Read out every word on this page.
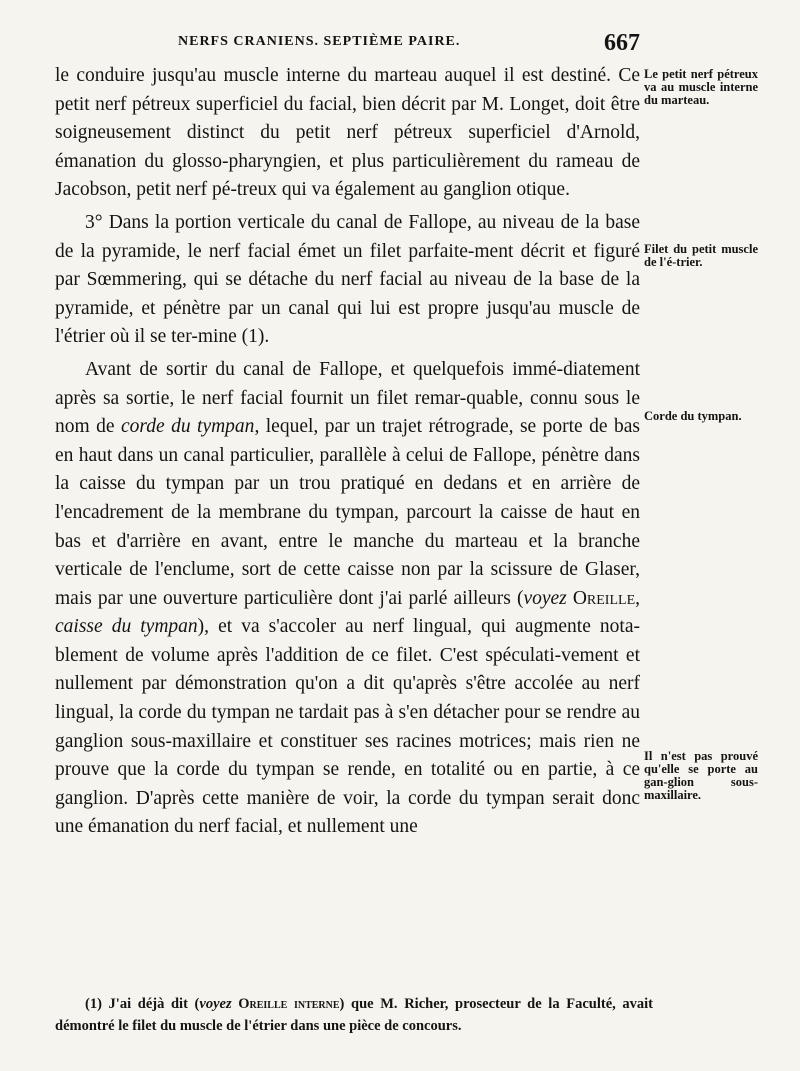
NERFS CRANIENS. SEPTIÈME PAIRE.	667

le conduire jusqu'au muscle interne du marteau auquel il est destiné. Ce petit nerf pétreux superficiel du facial, bien décrit par M. Longet, doit être soigneusement distinct du petit nerf pétreux superficiel d'Arnold, émanation du glosso-pharyngien, et plus particulièrement du rameau de Jacobson, petit nerf pé-treux qui va également au ganglion otique.

3° Dans la portion verticale du canal de Fallope, au niveau de la base de la pyramide, le nerf facial émet un filet parfaite-ment décrit et figuré par Sœmmering, qui se détache du nerf facial au niveau de la base de la pyramide, et pénètre par un canal qui lui est propre jusqu'au muscle de l'étrier où il se ter-mine (1).

Avant de sortir du canal de Fallope, et quelquefois immé-diatement après sa sortie, le nerf facial fournit un filet remar-quable, connu sous le nom de corde du tympan, lequel, par un trajet rétrograde, se porte de bas en haut dans un canal particulier, parallèle à celui de Fallope, pénètre dans la caisse du tympan par un trou pratiqué en dedans et en arrière de l'encadrement de la membrane du tympan, parcourt la caisse de haut en bas et d'arrière en avant, entre le manche du marteau et la branche verticale de l'enclume, sort de cette caisse non par la scissure de Glaser, mais par une ouverture particulière dont j'ai parlé ailleurs (voyez Oreille, caisse du tympan), et va s'accoler au nerf lingual, qui augmente nota-blement de volume après l'addition de ce filet. C'est spéculati-vement et nullement par démonstration qu'on a dit qu'après s'être accolée au nerf lingual, la corde du tympan ne tardait pas à s'en détacher pour se rendre au ganglion sous-maxillaire et constituer ses racines motrices; mais rien ne prouve que la corde du tympan se rende, en totalité ou en partie, à ce ganglion. D'après cette manière de voir, la corde du tympan serait donc une émanation du nerf facial, et nullement une

Le petit nerf pétreux va au muscle interne du marteau.
Filet du petit muscle de l'é-trier.
Corde du tympan.
Il n'est pas prouvé qu'elle se porte au gan-glion sous-maxillaire.

(1) J'ai déjà dit (voyez Oreille interne) que M. Richer, prosecteur de la Faculté, avait démontré le filet du muscle de l'étrier dans une pièce de concours.
